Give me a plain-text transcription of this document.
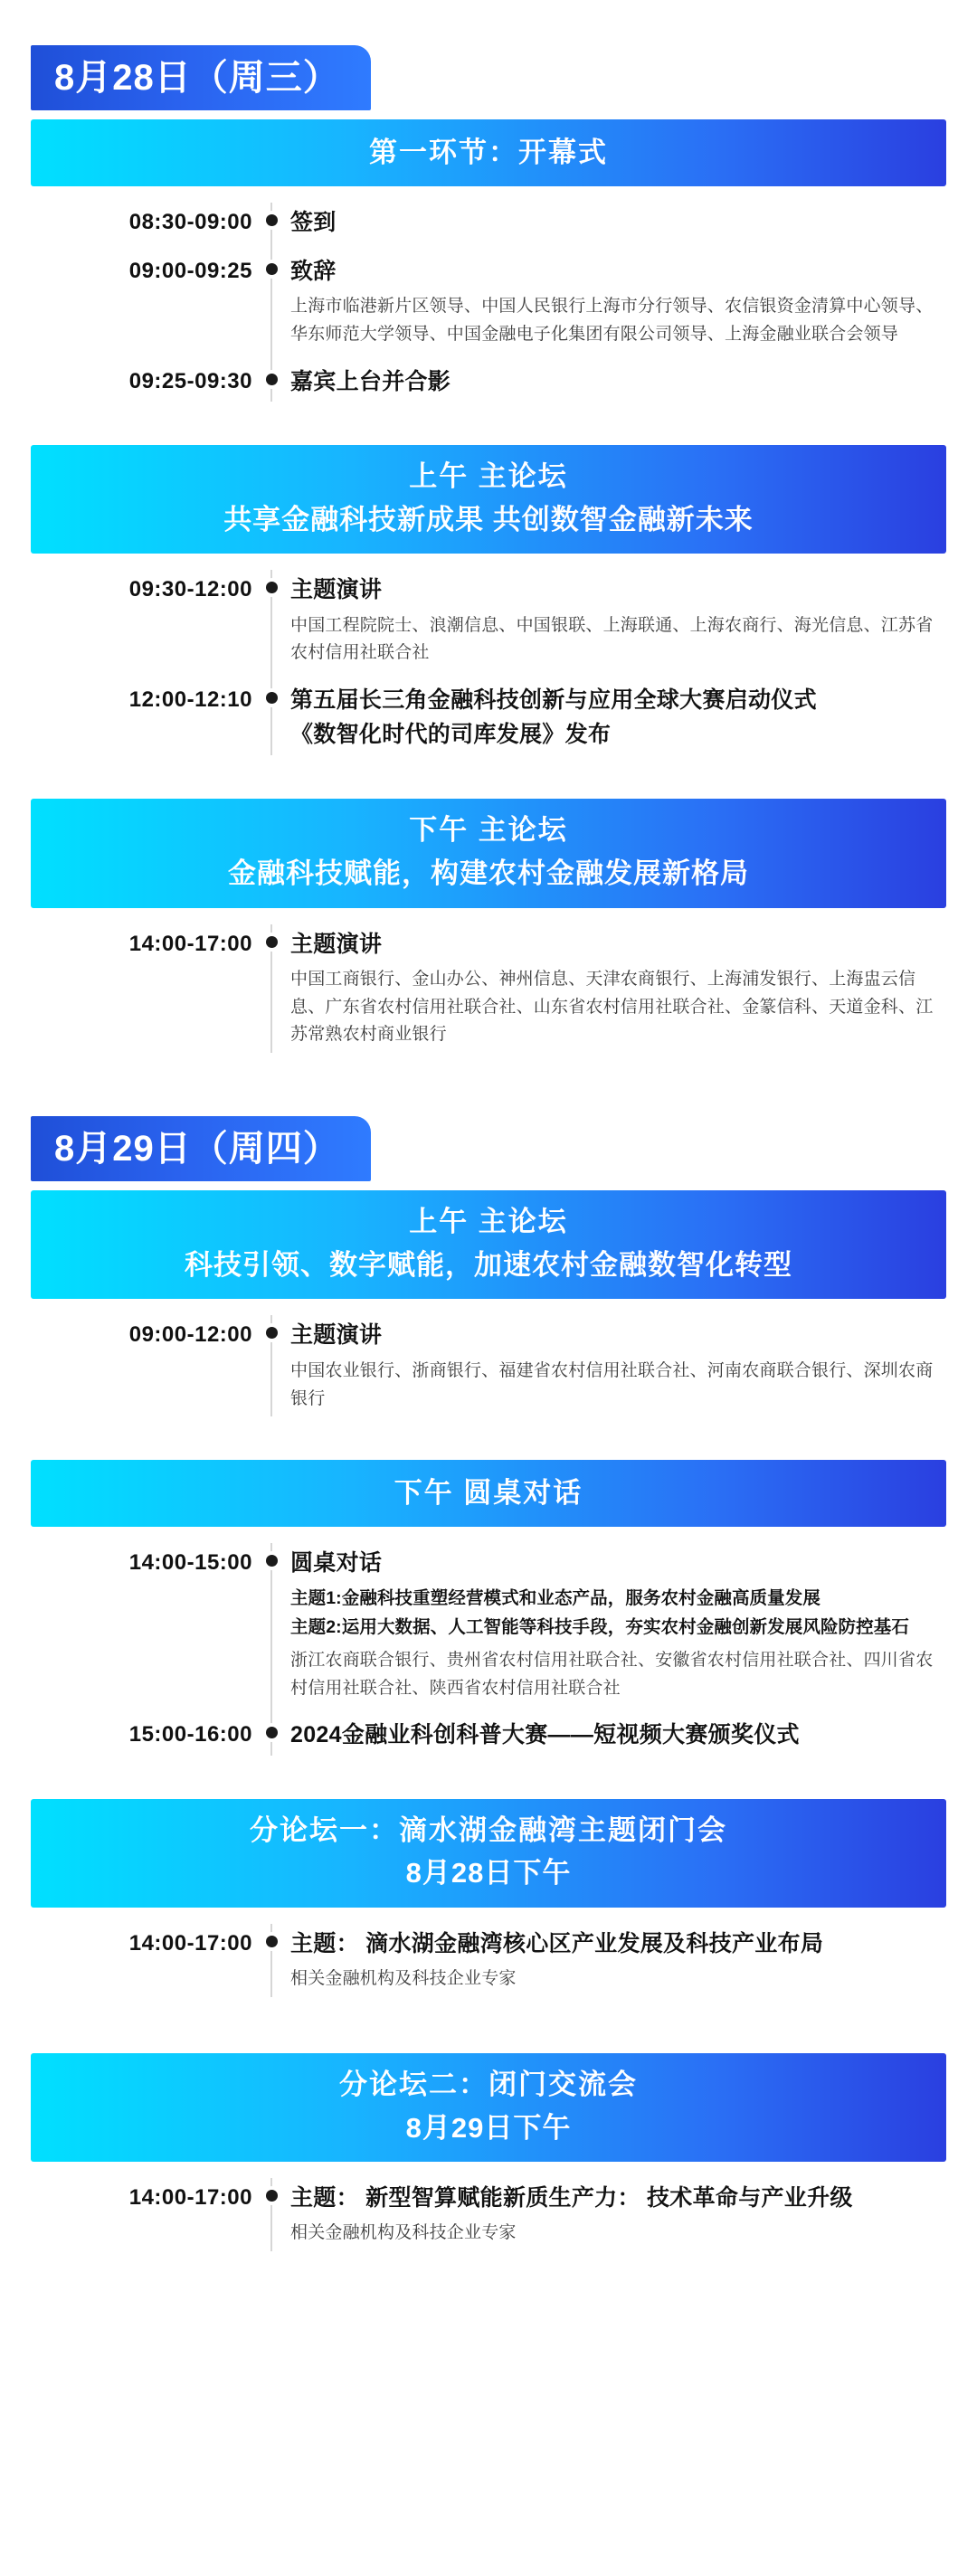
8月28日（周三）
第一环节：开幕式
08:30-09:00 签到
09:00-09:25 致辞
上海市临港新片区领导、中国人民银行上海市分行领导、农信银资金清算中心领导、华东师范大学领导、中国金融电子化集团有限公司领导、上海金融业联合会领导
09:25-09:30 嘉宾上台并合影
上午 主论坛
共享金融科技新成果 共创数智金融新未来
09:30-12:00 主题演讲
中国工程院院士、浪潮信息、中国银联、上海联通、上海农商行、海光信息、江苏省农村信用社联合社
12:00-12:10 第五届长三角金融科技创新与应用全球大赛启动仪式
《数智化时代的司库发展》发布
下午 主论坛
金融科技赋能，构建农村金融发展新格局
14:00-17:00 主题演讲
中国工商银行、金山办公、神州信息、天津农商银行、上海浦发银行、上海盅云信息、广东省农村信用社联合社、山东省农村信用社联合社、金篆信科、天道金科、江苏常熟农村商业银行
8月29日（周四）
上午 主论坛
科技引领、数字赋能，加速农村金融数智化转型
09:00-12:00 主题演讲
中国农业银行、浙商银行、福建省农村信用社联合社、河南农商联合银行、深圳农商银行
下午 圆桌对话
14:00-15:00 圆桌对话
主题1:金融科技重塑经营模式和业态产品，服务农村金融高质量发展
主题2:运用大数据、人工智能等科技手段，夯实农村金融创新发展风险防控基石
浙江农商联合银行、贵州省农村信用社联合社、安徽省农村信用社联合社、四川省农村信用社联合社、陕西省农村信用社联合社
15:00-16:00 2024金融业科创科普大赛——短视频大赛颁奖仪式
分论坛一：滴水湖金融湾主题闭门会
8月28日下午
14:00-17:00 主题： 滴水湖金融湾核心区产业发展及科技产业布局
相关金融机构及科技企业专家
分论坛二：闭门交流会
8月29日下午
14:00-17:00 主题： 新型智算赋能新质生产力： 技术革命与产业升级
相关金融机构及科技企业专家
